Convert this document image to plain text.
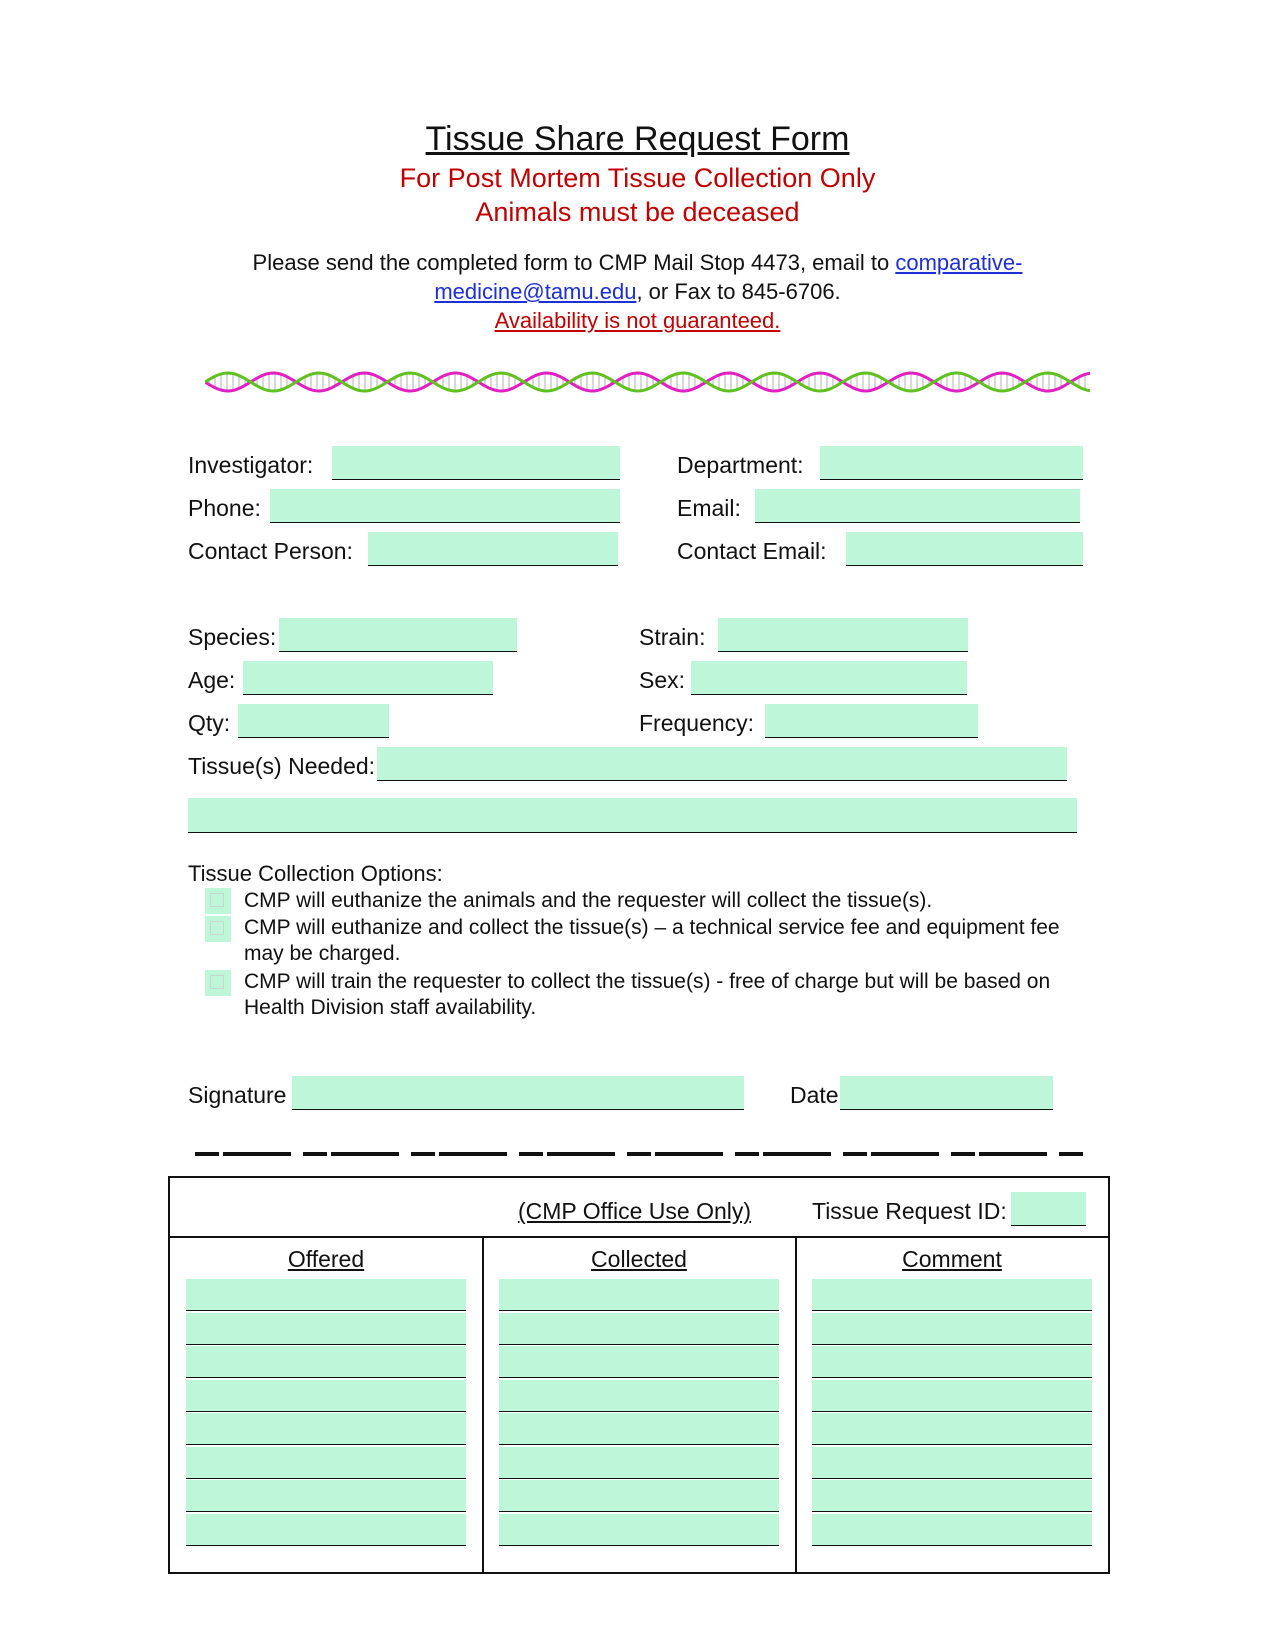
Tissue Share Request Form
For Post Mortem Tissue Collection Only
Animals must be deceased
Please send the completed form to CMP Mail Stop 4473, email to comparative-
medicine@tamu.edu, or Fax to 845-6706.
Availability is not guaranteed.
Investigator:	Department:
Phone:	Email:
Contact Person:	Contact Email:
Species:	Strain:
Age:	Sex:
Qty:	Frequency:
Tissue(s) Needed:
Tissue Collection Options:
CMP will euthanize the animals and the requester will collect the tissue(s).
CMP will euthanize and collect the tissue(s) – a technical service fee and equipment fee may be charged.
CMP will train the requester to collect the tissue(s) - free of charge but will be based on Health Division staff availability.
Signature	Date
(CMP Office Use Only)	Tissue Request ID:
Offered	Collected	Comment
